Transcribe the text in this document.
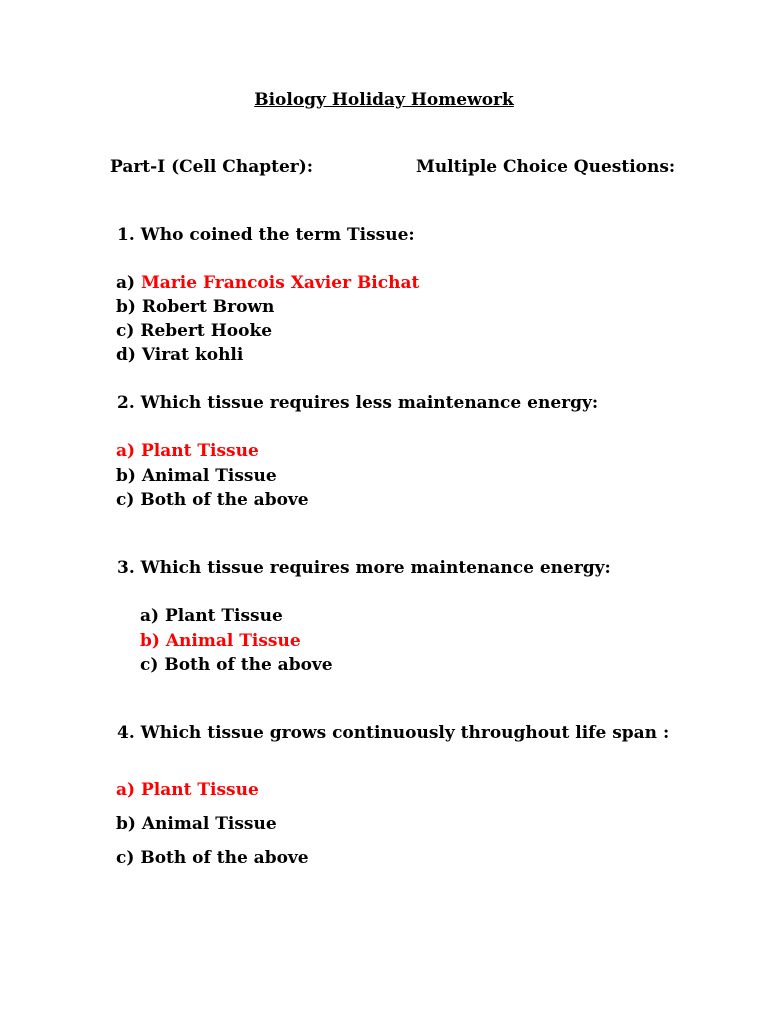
Biology Holiday Homework
Part-I (Cell Chapter):	Multiple Choice Questions:
1. Who coined the term Tissue:
a) Marie Francois Xavier Bichat
b) Robert Brown
c) Rebert Hooke
d) Virat kohli
2. Which tissue requires less maintenance energy:
a) Plant Tissue
b) Animal Tissue
c) Both of the above
3. Which tissue requires more maintenance energy:
a) Plant Tissue
b) Animal Tissue
c) Both of the above
4. Which tissue grows continuously throughout life span :
a) Plant Tissue
b) Animal Tissue
c) Both of the above
